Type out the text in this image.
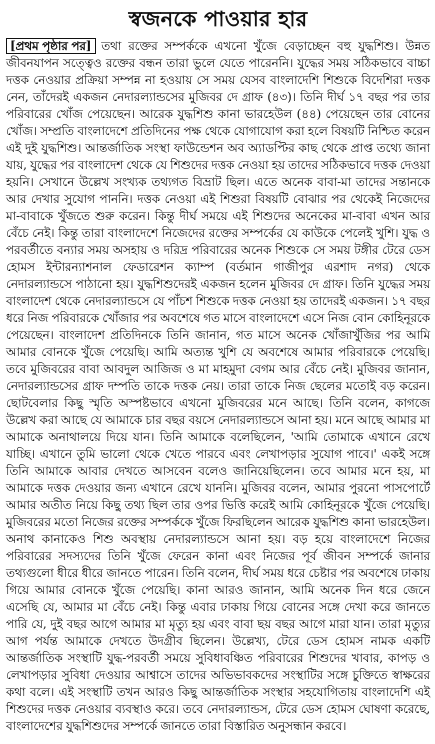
স্বজনকে পাওয়ার হার

[প্রথম পৃষ্ঠার পর] তথা রক্তের সম্পর্ককে এখনো খুঁজে বেড়াচ্ছেন বহু যুদ্ধশিশু। উন্নত জীবনযাপন সত্ত্বেও রক্তের বন্ধন তারা ভুলে যেতে পারেননি। যুদ্ধের সময় সঠিকভাবে বাচ্চা দত্তক নেওয়ার প্রক্রিয়া সম্পন্ন না হওয়ায় সে সময় যেসব বাংলাদেশি শিশুকে বিদেশিরা দত্তক নেন, তাঁদেরই একজন নেদারল্যান্ডসের মুজিবর দে গ্রাফ (৪৩)। তিনি দীর্ঘ ১৭ বছর পর তার পরিবারের খোঁজ পেয়েছেন। আরেক যুদ্ধশিশু কানা ভারহেউল (৪৪) পেয়েছেন তার বোনের খোঁজ। সম্প্রতি বাংলাদেশে প্রতিদিনের পক্ষ থেকে যোগাযোগ করা হলে বিষয়টি নিশ্চিত করেন এই দুই যুদ্ধশিশু। আন্তর্জাতিক সংস্থা ফাউন্ডেশন অব অ্যাডপ্টির কাছ থেকে প্রাপ্ত তথ্যে জানা যায়, যুদ্ধের পর বাংলাদেশ থেকে যে শিশুদের দত্তক নেওয়া হয় তাদের সঠিকভাবে দত্তক দেওয়া হয়নি। সেখানে উল্লেখ সংখ্যক তথ্যগত বিভ্রাট ছিল। এতে অনেক বাবা-মা তাদের সন্তানকে আর দেখার সুযোগ পাননি। দত্তক নেওয়া এই শিশুরা বিষয়টি বোঝার পর থেকেই নিজেদের মা-বাবাকে খুঁজতে শুরু করেন। কিন্তু দীর্ঘ সময়ে এই শিশুদের অনেকের মা-বাবা এখন আর বেঁচে নেই। কিন্তু তারা বাংলাদেশে নিজেদের রক্তের সম্পর্কের যে কাউকে পেলেই খুশি। যুদ্ধ ও পরবর্তীতে বন্যার সময় অসহায় ও দরিদ্র পরিবারের অনেক শিশুকে সে সময় টঙ্গীর টেরে ডেস হোমস ইন্টারন্যাশনাল ফেডারেশন ক্যাম্প (বর্তমান গাজীপুর এরশাদ নগর) থেকে নেদারল্যান্ডসে পাঠানো হয়। যুদ্ধশিশুদেরই একজন হলেন মুজিবর দে গ্রাফ। তিনি যুদ্ধের সময় বাংলাদেশ থেকে নেদারল্যান্ডসে যে পাঁচশ শিশুকে দত্তক নেওয়া হয় তাদেরই একজন। ১৭ বছর ধরে নিজ পরিবারকে খোঁজার পর অবশেষে গত মাসে বাংলাদেশে এসে নিজ বোন কোহিনূরকে পেয়েছেন। বাংলাদেশ প্রতিদিনকে তিনি জানান, গত মাসে অনেক খোঁজাখুঁজির পর আমি আমার বোনকে খুঁজে পেয়েছি। আমি অত্যন্ত খুশি যে অবশেষে আমার পরিবারকে পেয়েছি। তবে মুজিবরের বাবা আবদুল আজিজ ও মা মাহমুদা বেগম আর বেঁচে নেই। মুজিবর জানান, নেদারল্যান্ডসের গ্রাফ দম্পতি তাকে দত্তক নেয়। তারা তাকে নিজ ছেলের মতোই বড় করেন। ছোটবেলার কিছু স্মৃতি অস্পষ্টভাবে এখনো মুজিবরের মনে আছে। তিনি বলেন, কাগজে উল্লেখ করা আছে যে আমাকে চার বছর বয়সে নেদারল্যান্ডসে আনা হয়। মনে আছে আমার মা আমাকে অনাথালয়ে দিয়ে যান। তিনি আমাকে বলেছিলেন, 'আমি তোমাকে এখানে রেখে যাচ্ছি। এখানে তুমি ভালো থেকে খেতে পারবে এবং লেখাপড়ার সুযোগ পাবে।' একই সঙ্গে তিনি আমাকে আবার দেখতে আসবেন বলেও জানিয়েছিলেন। তবে আমার মনে হয়, মা আমাকে দত্তক দেওয়ার জন্য এখানে রেখে যাননি। মুজিবর বলেন, আমার পুরনো পাসপোর্টে আমার অতীত নিয়ে কিছু তথ্য ছিল তার ওপর ভিত্তি করেই আমি কোহিনূরকে খুঁজে পেয়েছি। মুজিবরের মতো নিজের রক্তের সম্পর্ককে খুঁজে ফিরছিলেন আরেক যুদ্ধশিশু কানা ভারহেউল। অনাথ কানাকেও শিশু অবস্থায় নেদারল্যান্ডসে আনা হয়। বড় হয়ে বাংলাদেশে নিজের পরিবারের সদস্যদের তিনি খুঁজে ফেরেন কানা এবং নিজের পূর্ব জীবন সম্পর্কে জানার তথ্যগুলো ধীরে ধীরে জানতে পারেন। তিনি বলেন, দীর্ঘ সময় ধরে চেষ্টার পর অবশেষে ঢাকায় গিয়ে আমার বোনকে খুঁজে পেয়েছি। কানা আরও জানান, আমি অনেক দিন ধরে জেনে এসেছি যে, আমার মা বেঁচে নেই। কিন্তু এবার ঢাকায় গিয়ে বোনের সঙ্গে দেখা করে জানতে পারি যে, দুই বছর আগে আমার মা মৃত্যু হয় এবং বাবা ছয় বছর আগে মারা যান। তারা মৃত্যুর আগ পর্যন্ত আমাকে দেখতে উদগ্রীব ছিলেন। উল্লেখ্য, টেরে ডেস হোমস নামক একটি আন্তর্জাতিক সংস্থাটি যুদ্ধ-পরবর্তী সময়ে সুবিধাবঞ্চিত পরিবারের শিশুদের খাবার, কাপড় ও লেখাপড়ার সুবিধা দেওয়ার আশ্বাসে তাদের অভিভাবকদের সংস্থাটির সঙ্গে চুক্তিতে স্বাক্ষরের কথা বলে। এই সংস্থাটি তখন আরও কিছু আন্তর্জাতিক সংস্থার সহযোগিতায় বাংলাদেশি এই শিশুদের দত্তক নেওয়ার ব্যবস্থাও করে। তবে নেদারল্যান্ডস, টেরে ডেস হোমস ঘোষণা করেছে, বাংলাদেশের যুদ্ধশিশুদের সম্পর্কে জানতে তারা বিস্তারিত অনুসন্ধান করবে।
